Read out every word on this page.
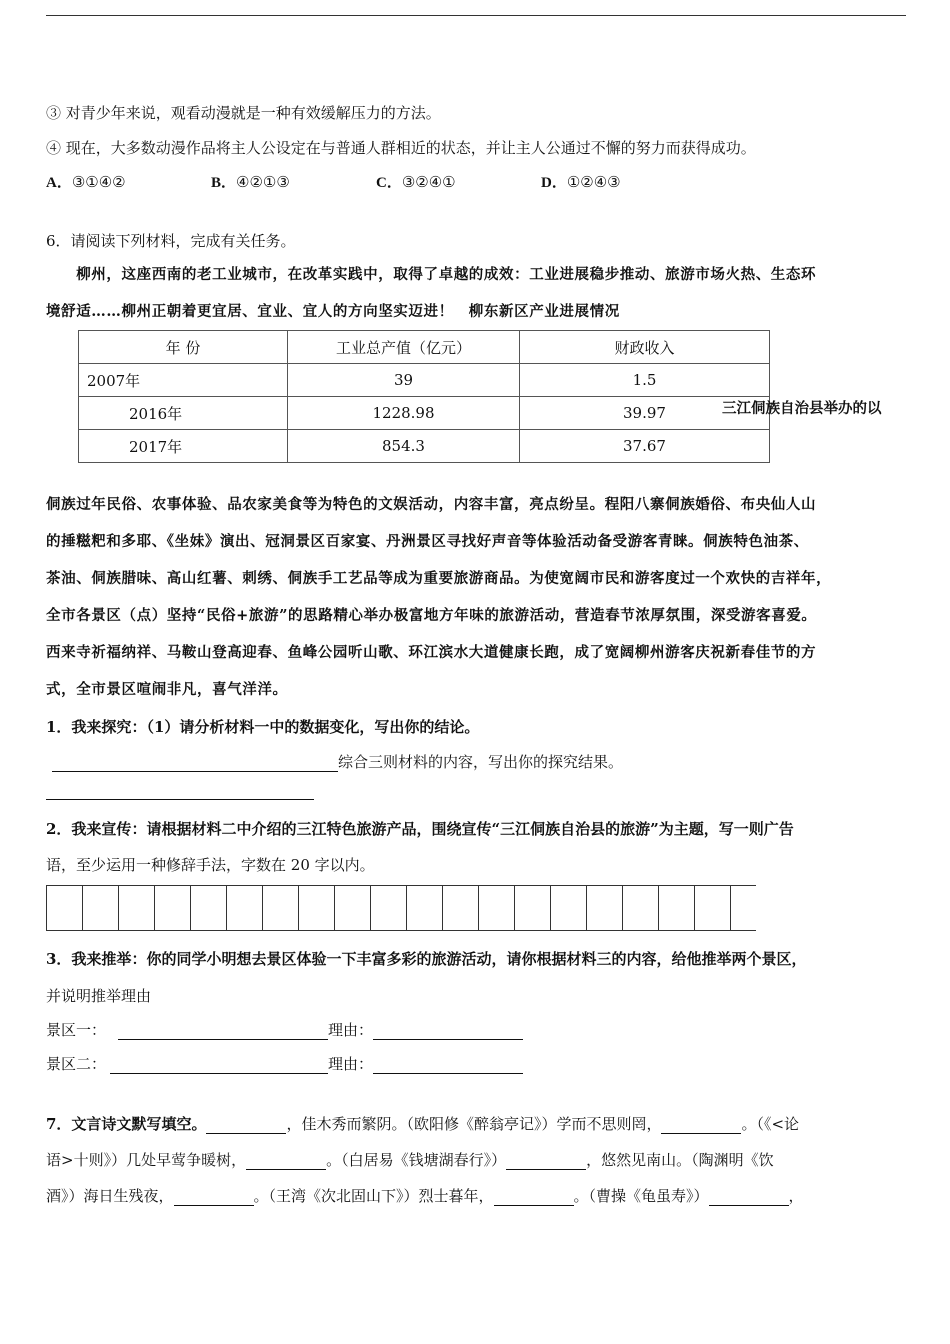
③ 对青少年来说，观看动漫就是一种有效缓解压力的方法。
④ 现在，大多数动漫作品将主人公设定在与普通人群相近的状态，并让主人公通过不懈的努力而获得成功。
A．③①④②	B．④②①③	C．③②④①	D．①②④③
6．请阅读下列材料，完成有关任务。
　　柳州，这座西南的老工业城市，在改革实践中，取得了卓越的成效：工业进展稳步推动、旅游市场火热、生态环
境舒适……柳州正朝着更宜居、宜业、宜人的方向坚实迈进！　柳东新区产业进展情况
年 份	工业总产值（亿元）	财政收入
2007年	39	1.5
2016年	1228.98	39.97
2017年	854.3	37.67
三江侗族自治县举办的以
侗族过年民俗、农事体验、品农家美食等为特色的文娱活动，内容丰富，亮点纷呈。程阳八寨侗族婚俗、布央仙人山
的捶糍粑和多耶、《坐妹》演出、冠洞景区百家宴、丹洲景区寻找好声音等体验活动备受游客青睐。侗族特色油茶、
茶油、侗族腊味、高山红薯、刺绣、侗族手工艺品等成为重要旅游商品。为使宽阔市民和游客度过一个欢快的吉祥年，
全市各景区（点）坚持“民俗+旅游”的思路精心举办极富地方年味的旅游活动，营造春节浓厚氛围，深受游客喜爱。
西来寺祈福纳祥、马鞍山登高迎春、鱼峰公园听山歌、环江滨水大道健康长跑，成了宽阔柳州游客庆祝新春佳节的方
式，全市景区喧闹非凡，喜气洋洋。
1．我来探究：（1）请分析材料一中的数据变化，写出你的结论。
综合三则材料的内容，写出你的探究结果。
2．我来宣传：请根据材料二中介绍的三江特色旅游产品，围绕宣传“三江侗族自治县的旅游”为主题，写一则广告
语，至少运用一种修辞手法，字数在 20 字以内。
3．我来推举：你的同学小明想去景区体验一下丰富多彩的旅游活动，请你根据材料三的内容，给他推举两个景区，
并说明推举理由
景区一：	理由：
景区二：	理由：
7．文言诗文默写填空。	，佳木秀而繁阴。（欧阳修《醉翁亭记》）学而不思则罔，	。（《<论
语>十则》）几处早莺争暖树，	。（白居易《钱塘湖春行》）	，悠然见南山。（陶渊明《饮
酒》）海日生残夜，	。（王湾《次北固山下》）烈士暮年，	。（曹操《龟虽寿》）	，
